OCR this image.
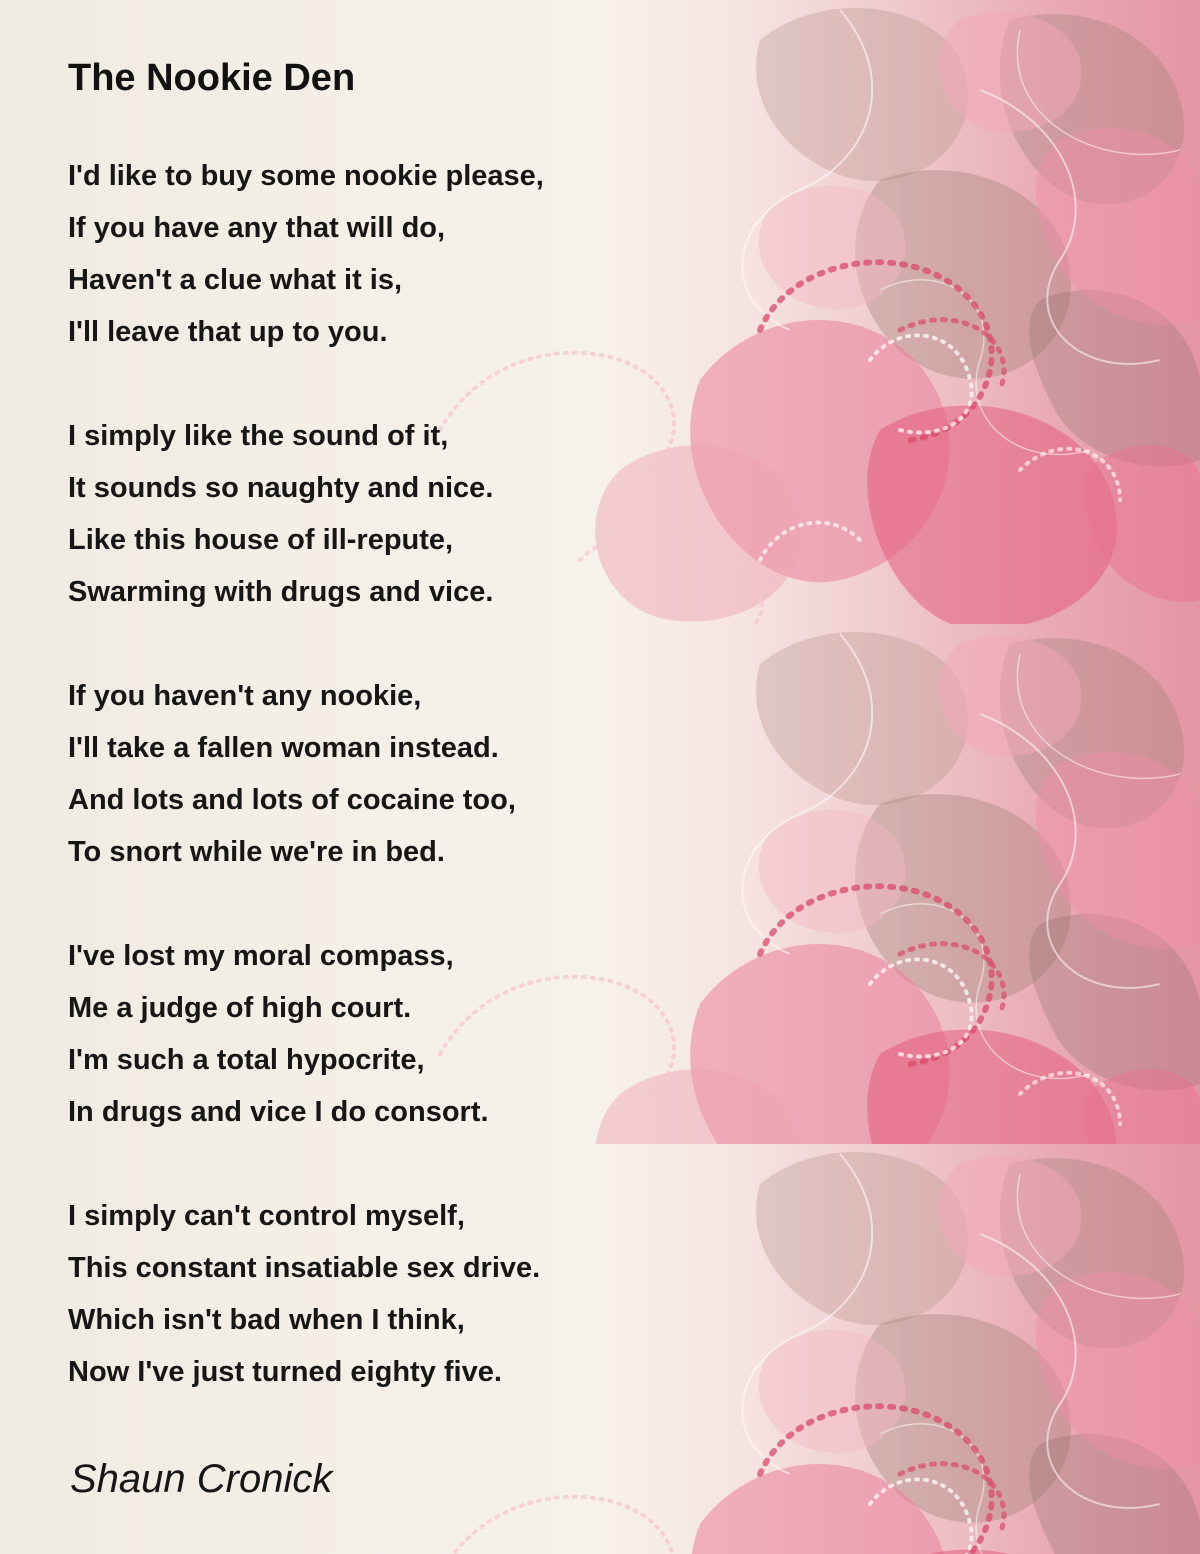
The Nookie Den

I'd like to buy some nookie please,

If you have any that will do,

Haven't a clue what it is,

I'll leave that up to you.

I simply like the sound of it,

It sounds so naughty and nice.

Like this house of ill-repute,

Swarming with drugs and vice.

If you haven't any nookie,

I'll take a fallen woman instead.

And lots and lots of cocaine too,

To snort while we're in bed.

I've lost my moral compass,

Me a judge of high court.

I'm such a total hypocrite,

In drugs and vice I do consort.

I simply can't control myself,

This constant insatiable sex drive.

Which isn't bad when I think,

Now I've just turned eighty five.

Shaun Cronick
